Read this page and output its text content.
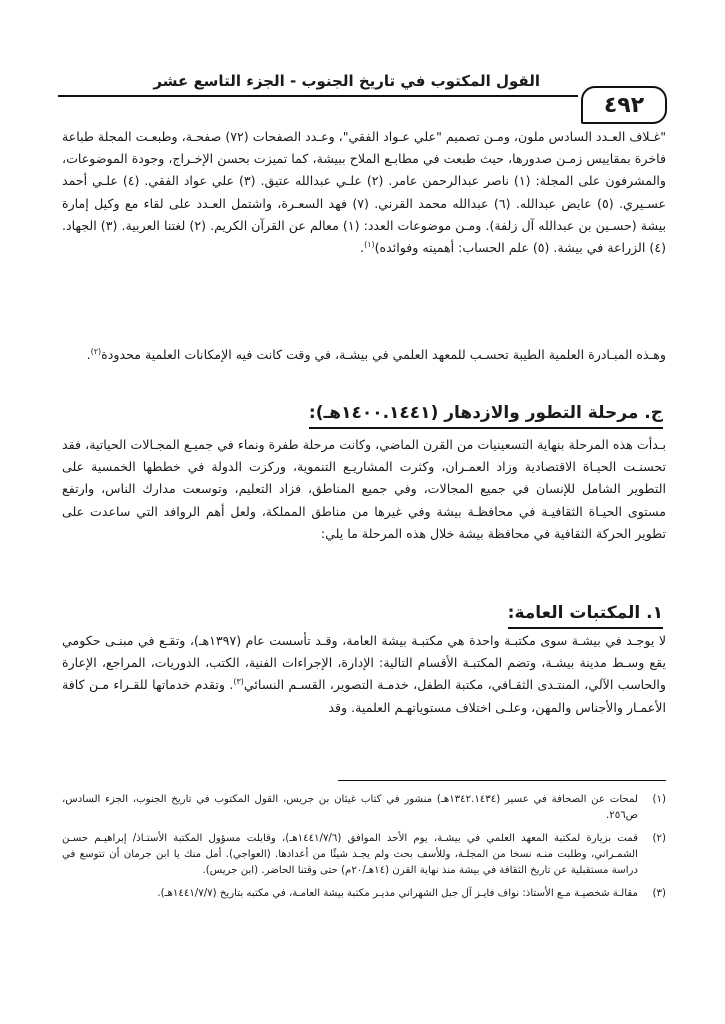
القول المكتوب في تاريخ الجنوب - الجزء التاسع عشر
٤٩٢

"غـلاف العـدد السادس ملون، ومـن تصميم "علي عـواد الفقي"، وعـدد الصفحات (٧٢) صفحـة، وطبعـت المجلة طباعة فاخرة بمقاييس زمـن صدورها، حيث طبعت في مطابـع الملاح ببيشة، كما تميزت بحسن الإخـراج، وجودة الموضوعات، والمشرفون على المجلة: (١) ناصر عبدالرحمن عامر. (٢) علـي عبدالله عتيق. (٣) علي عواد الفقي. (٤) علـي أحمد عسـيري. (٥) عايض عبدالله. (٦) عبدالله محمد القرني. (٧) فهد السعـرة، واشتمل العـدد على لقاء مع وكيل إمارة بيشة (حسـين بن عبدالله آل زلفة). ومـن موضوعات العدد: (١) معالم عن القرآن الكريم. (٢) لغتنا العربية. (٣) الجهاد. (٤) الزراعة في بيشة. (٥) علم الحساب: أهميته وفوائده)$^{(١)}$.

وهـذه المبـادرة العلمية الطيبة تحسـب للمعهد العلمي في بيشـة، في وقت كانت فيه الإمكانات العلمية محدودة$^{(٢)}$.

ج. مرحلة التطور والازدهار (١٤٠٠.١٤٤١هـ):

بـدأت هذه المرحلة بنهاية التسعينيات من القرن الماضي، وكانت مرحلة طفرة ونماء في جميـع المجـالات الحياتية، فقد تحسنـت الحيـاة الاقتصادية وزاد العمـران، وكثرت المشاريـع التنموية، وركزت الدولة في خططها الخمسية على التطوير الشامل للإنسان في جميع المجالات، وفي جميع المناطق، فزاد التعليم، وتوسعت مدارك الناس، وارتفع مستوى الحيـاة الثقافيـة في محافظـة بيشة وفي غيرها من مناطق المملكة، ولعل أهم الروافد التي ساعدت على تطوير الحركة الثقافية في محافظة بيشة خلال هذه المرحلة ما يلي:

١. المكتبات العامة:

لا يوجـد في بيشـة سوى مكتبـة واحدة هي مكتبـة بيشة العامة، وقـد تأسست عام (١٣٩٧هـ)، وتقـع في مبنـى حكومي يقع وسـط مدينة بيشـة، وتضم المكتبـة الأقسام التالية: الإدارة، الإجراءات الفنية، الكتب، الدوريات، المراجع، الإعارة والحاسب الآلي، المنتـدى الثقـافي، مكتبة الطفل، خدمـة التصوير، القسـم النسائي$^{(٣)}$. وتقدم خدماتها للقـراء مـن كافة الأعمـار والأجناس والمهن، وعلـى اختلاف مستوياتهـم العلمية. وقد

(١)
لمحات عن الصحافة في عسير (١٣٤٢.١٤٣٤هـ) منشور في كتاب غيثان بن جريس، القول المكتوب في تاريخ الجنوب، الجزء السادس، ص٢٥٦.
(٢)
قمت بزيارة لمكتبة المعهد العلمي في بيشـة، يوم الأحد الموافق (١٤٤١/٧/٦هـ)، وقابلت مسؤول المكتبة الأستـاذ/ إبراهيـم حسـن الشمـراني، وطلبت منـه نسخا من المجلـة، وللأسف بحث ولم يجـد شيئًا من أعدادها. (العواجي). أمل منك يا ابن جرمان أن تتوسع في دراسة مستقبلية عن تاريخ الثقافة في بيشة منذ نهاية القرن (١٤هـ/٢٠م) حتى وقتنا الحاضر. (ابن جريس).
(٣)
مقالـة شخصيـة مـع الأستاذ: نواف فايـز آل جبل الشهراني مديـر مكتبة بيشة العامـة، في مكتبه بتاريخ (١٤٤١/٧/٧هـ).
